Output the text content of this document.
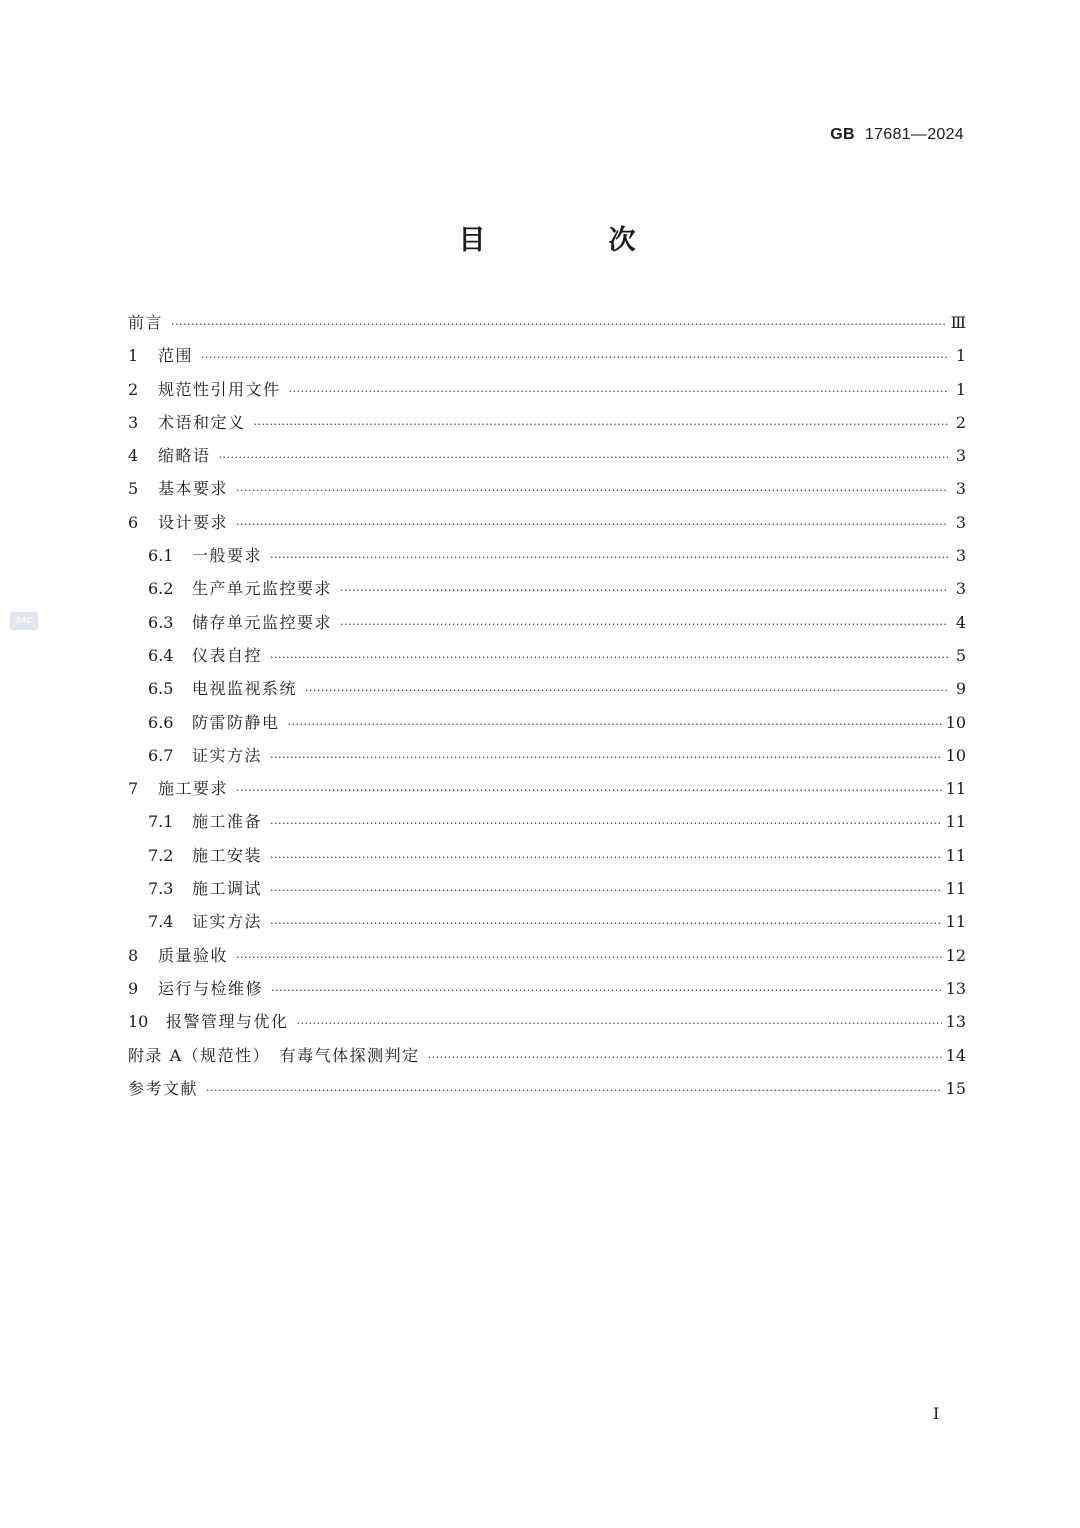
GB 17681—2024
目　次
SAC
前言 ·····	Ⅲ
1	范围 ·····	1
2	规范性引用文件 ·····	1
3	术语和定义 ·····	2
4	缩略语 ·····	3
5	基本要求 ·····	3
6	设计要求 ·····	3
6.1	一般要求 ·····	3
6.2	生产单元监控要求 ·····	3
6.3	储存单元监控要求 ·····	4
6.4	仪表自控 ·····	5
6.5	电视监视系统 ·····	9
6.6	防雷防静电 ·····	10
6.7	证实方法 ·····	10
7	施工要求 ·····	11
7.1	施工准备 ·····	11
7.2	施工安装 ·····	11
7.3	施工调试 ·····	11
7.4	证实方法 ·····	11
8	质量验收 ·····	12
9	运行与检维修 ·····	13
10	报警管理与优化 ·····	13
附录 A（规范性）　有毒气体探测判定 ·····	14
参考文献 ·····	15
I
